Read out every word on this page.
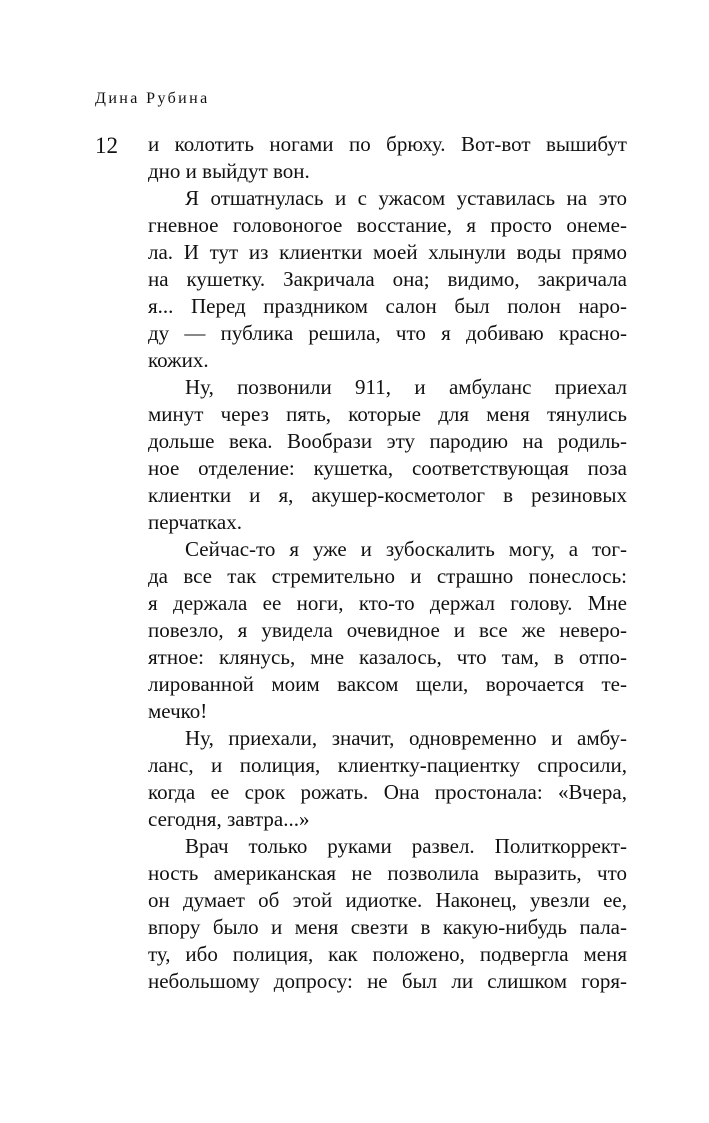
Дина Рубина
12 и колотить ногами по брюху. Вот-вот вышибут
дно и выйдут вон.
Я отшатнулась и с ужасом уставилась на это
гневное головоногое восстание, я просто онеме-
ла. И тут из клиентки моей хлынули воды прямо
на кушетку. Закричала она; видимо, закричала
я... Перед праздником салон был полон наро-
ду — публика решила, что я добиваю красно-
кожих.
Ну, позвонили 911, и амбуланс приехал
минут через пять, которые для меня тянулись
дольше века. Вообрази эту пародию на родиль-
ное отделение: кушетка, соответствующая поза
клиентки и я, акушер-косметолог в резиновых
перчатках.
Сейчас-то я уже и зубоскалить могу, а тог-
да все так стремительно и страшно понеслось:
я держала ее ноги, кто-то держал голову. Мне
повезло, я увидела очевидное и все же неверо-
ятное: клянусь, мне казалось, что там, в отпо-
лированной моим ваксом щели, ворочается те-
мечко!
Ну, приехали, значит, одновременно и амбу-
ланс, и полиция, клиентку-пациентку спросили,
когда ее срок рожать. Она простонала: «Вчера,
сегодня, завтра...»
Врач только руками развел. Политкоррект-
ность американская не позволила выразить, что
он думает об этой идиотке. Наконец, увезли ее,
впору было и меня свезти в какую-нибудь пала-
ту, ибо полиция, как положено, подвергла меня
небольшому допросу: не был ли слишком горя-
